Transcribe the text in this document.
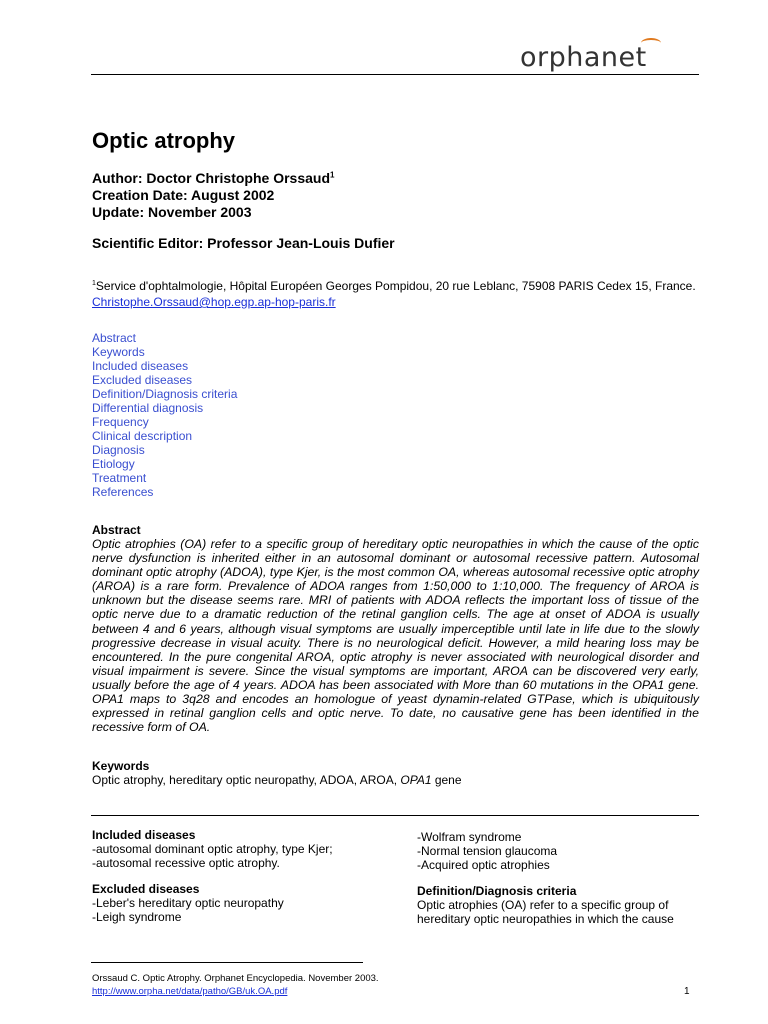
orphanet
Optic atrophy
Author: Doctor Christophe Orssaud$^1$
Creation Date: August 2002
Update: November 2003
Scientific Editor: Professor Jean-Louis Dufier
$^1$Service d'ophtalmologie, Hôpital Européen Georges Pompidou, 20 rue Leblanc, 75908 PARIS Cedex 15, France. Christophe.Orssaud@hop.egp.ap-hop-paris.fr
Abstract
Keywords
Included diseases
Excluded diseases
Definition/Diagnosis criteria
Differential diagnosis
Frequency
Clinical description
Diagnosis
Etiology
Treatment
References
Abstract
Optic atrophies (OA) refer to a specific group of hereditary optic neuropathies in which the cause of the optic nerve dysfunction is inherited either in an autosomal dominant or autosomal recessive pattern. Autosomal dominant optic atrophy (ADOA), type Kjer, is the most common OA, whereas autosomal recessive optic atrophy (AROA) is a rare form. Prevalence of ADOA ranges from 1:50,000 to 1:10,000. The frequency of AROA is unknown but the disease seems rare. MRI of patients with ADOA reflects the important loss of tissue of the optic nerve due to a dramatic reduction of the retinal ganglion cells. The age at onset of ADOA is usually between 4 and 6 years, although visual symptoms are usually imperceptible until late in life due to the slowly progressive decrease in visual acuity. There is no neurological deficit. However, a mild hearing loss may be encountered. In the pure congenital AROA, optic atrophy is never associated with neurological disorder and visual impairment is severe. Since the visual symptoms are important, AROA can be discovered very early, usually before the age of 4 years. ADOA has been associated with More than 60 mutations in the OPA1 gene. OPA1 maps to 3q28 and encodes an homologue of yeast dynamin-related GTPase, which is ubiquitously expressed in retinal ganglion cells and optic nerve. To date, no causative gene has been identified in the recessive form of OA.
Keywords
Optic atrophy, hereditary optic neuropathy, ADOA, AROA, OPA1 gene
Included diseases
-autosomal dominant optic atrophy, type Kjer;
-autosomal recessive optic atrophy.
Excluded diseases
-Leber's hereditary optic neuropathy
-Leigh syndrome
-Wolfram syndrome
-Normal tension glaucoma
-Acquired optic atrophies
Definition/Diagnosis criteria
Optic atrophies (OA) refer to a specific group of
hereditary optic neuropathies in which the cause
Orssaud C. Optic Atrophy. Orphanet Encyclopedia. November 2003.
http://www.orpha.net/data/patho/GB/uk.OA.pdf	1
